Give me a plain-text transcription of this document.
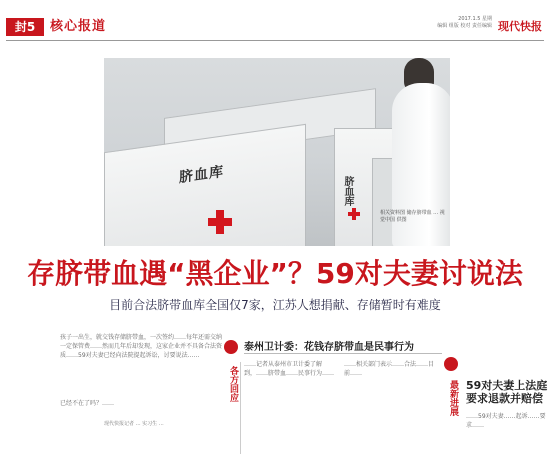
封5	核心报道	2017.1.5 星期
编辑 组版 校对 责任编辑 现代快报
脐血库
脐血库
相关资料图 储存脐带血 … 视觉中国 供图
存脐带血遇“黑企业”？59对夫妻讨说法
目前合法脐带血库全国仅7家，江苏人想捐献、存储暂时有难度
孩子一出生，就交钱存储脐带血，一次签约……每年还需交纳一定保管费……然而几年后却发现，这家企业并不具备合法资质……59对夫妻已经向法院提起诉讼，讨要说法……
已经不在了吗？……
现代快报记者 … 实习生 …
泰州卫计委：花钱存脐带血是民事行为
各方回应
……记者从泰州市卫计委了解到，……脐带血……民事行为……
……相关部门表示……合法……目前……
最新进展 59对夫妻上法庭
要求退款并赔偿
……59对夫妻……起诉……要求……
